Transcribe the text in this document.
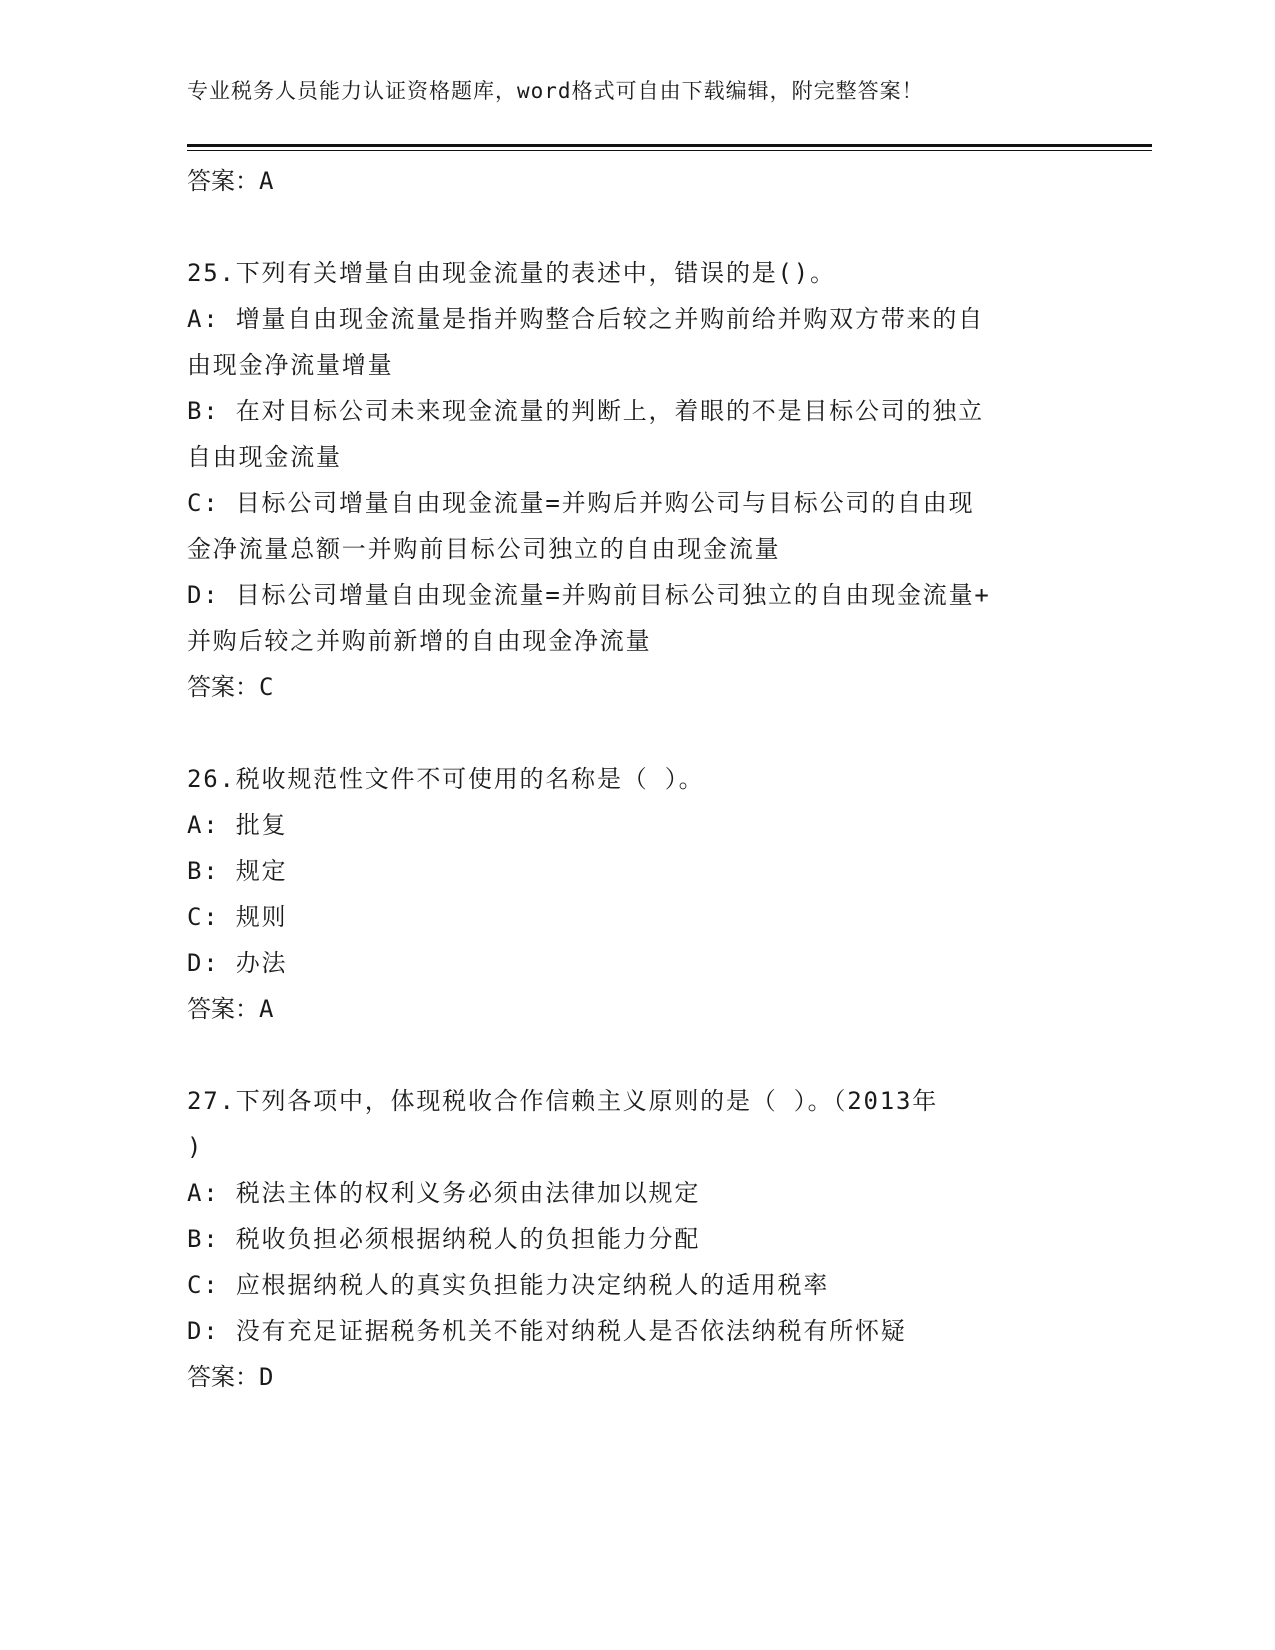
专业税务人员能力认证资格题库，word格式可自由下载编辑，附完整答案！
答案：A
25.下列有关增量自由现金流量的表述中，错误的是()。
A: 增量自由现金流量是指并购整合后较之并购前给并购双方带来的自
由现金净流量增量
B: 在对目标公司未来现金流量的判断上，着眼的不是目标公司的独立
自由现金流量
C: 目标公司增量自由现金流量=并购后并购公司与目标公司的自由现
金净流量总额一并购前目标公司独立的自由现金流量
D: 目标公司增量自由现金流量=并购前目标公司独立的自由现金流量+
并购后较之并购前新增的自由现金净流量
答案：C
26.税收规范性文件不可使用的名称是（ ）。
A: 批复
B: 规定
C: 规则
D: 办法
答案：A
27.下列各项中，体现税收合作信赖主义原则的是（ ）。（2013年
)
A: 税法主体的权利义务必须由法律加以规定
B: 税收负担必须根据纳税人的负担能力分配
C: 应根据纳税人的真实负担能力决定纳税人的适用税率
D: 没有充足证据税务机关不能对纳税人是否依法纳税有所怀疑
答案：D
